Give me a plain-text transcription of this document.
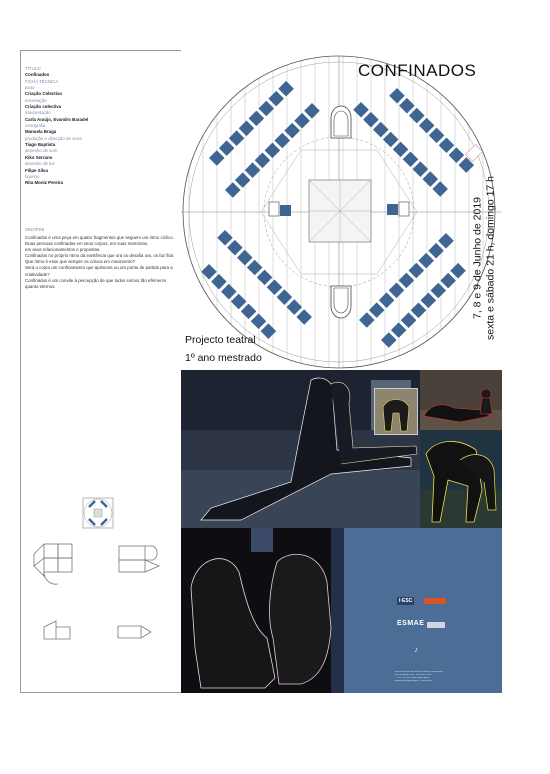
TÍTULO
Confinados
FICHA TÉCNICA
texto
Criação Colectiva
encenação
Criação colectiva
interpretação
Carla Araújo, Evandro Baradel
cenografia
Manuela Braga
produção e direcção de cena
Tiago Baptista
desenho de som
Kiko Serrano
desenho de luz
Filipe Silva
figurino
Rita Moniz Pereira
SINOPSE

Confinados é uma peça em quatro fragmentos que seguem um ritmo cíclico.

Duas pessoas confinadas em seus corpos, em suas memórias,

em seus relacionamentos e propostas.

Confinados no próprio ritmo da existência que ora os desafia ora, os faz fluir.

Que ritmo é esse que sempre os coloca em movimento?

Será o corpo um confinamento que aprisiona ou um ponto de partida para a

criatividade?

Confinados é um convite à percepção de que todos somos tão efémeros

quanto eternos.

CONFINADOS
Projecto teatral
1º ano mestrado
7, 8 e 9 de Junho de 2019 sexta e sábado 21 h, domingo 17 h
I·ESC
ESMAE
♪
Escola Superior de Música e Artes do Espetáculo
Rua da Alegria, 503 · 4000-045 Porto
T. 225 193 760 · www.esmae.ipp.pt
bilheteira@esmae.ipp.pt · entrada livre
